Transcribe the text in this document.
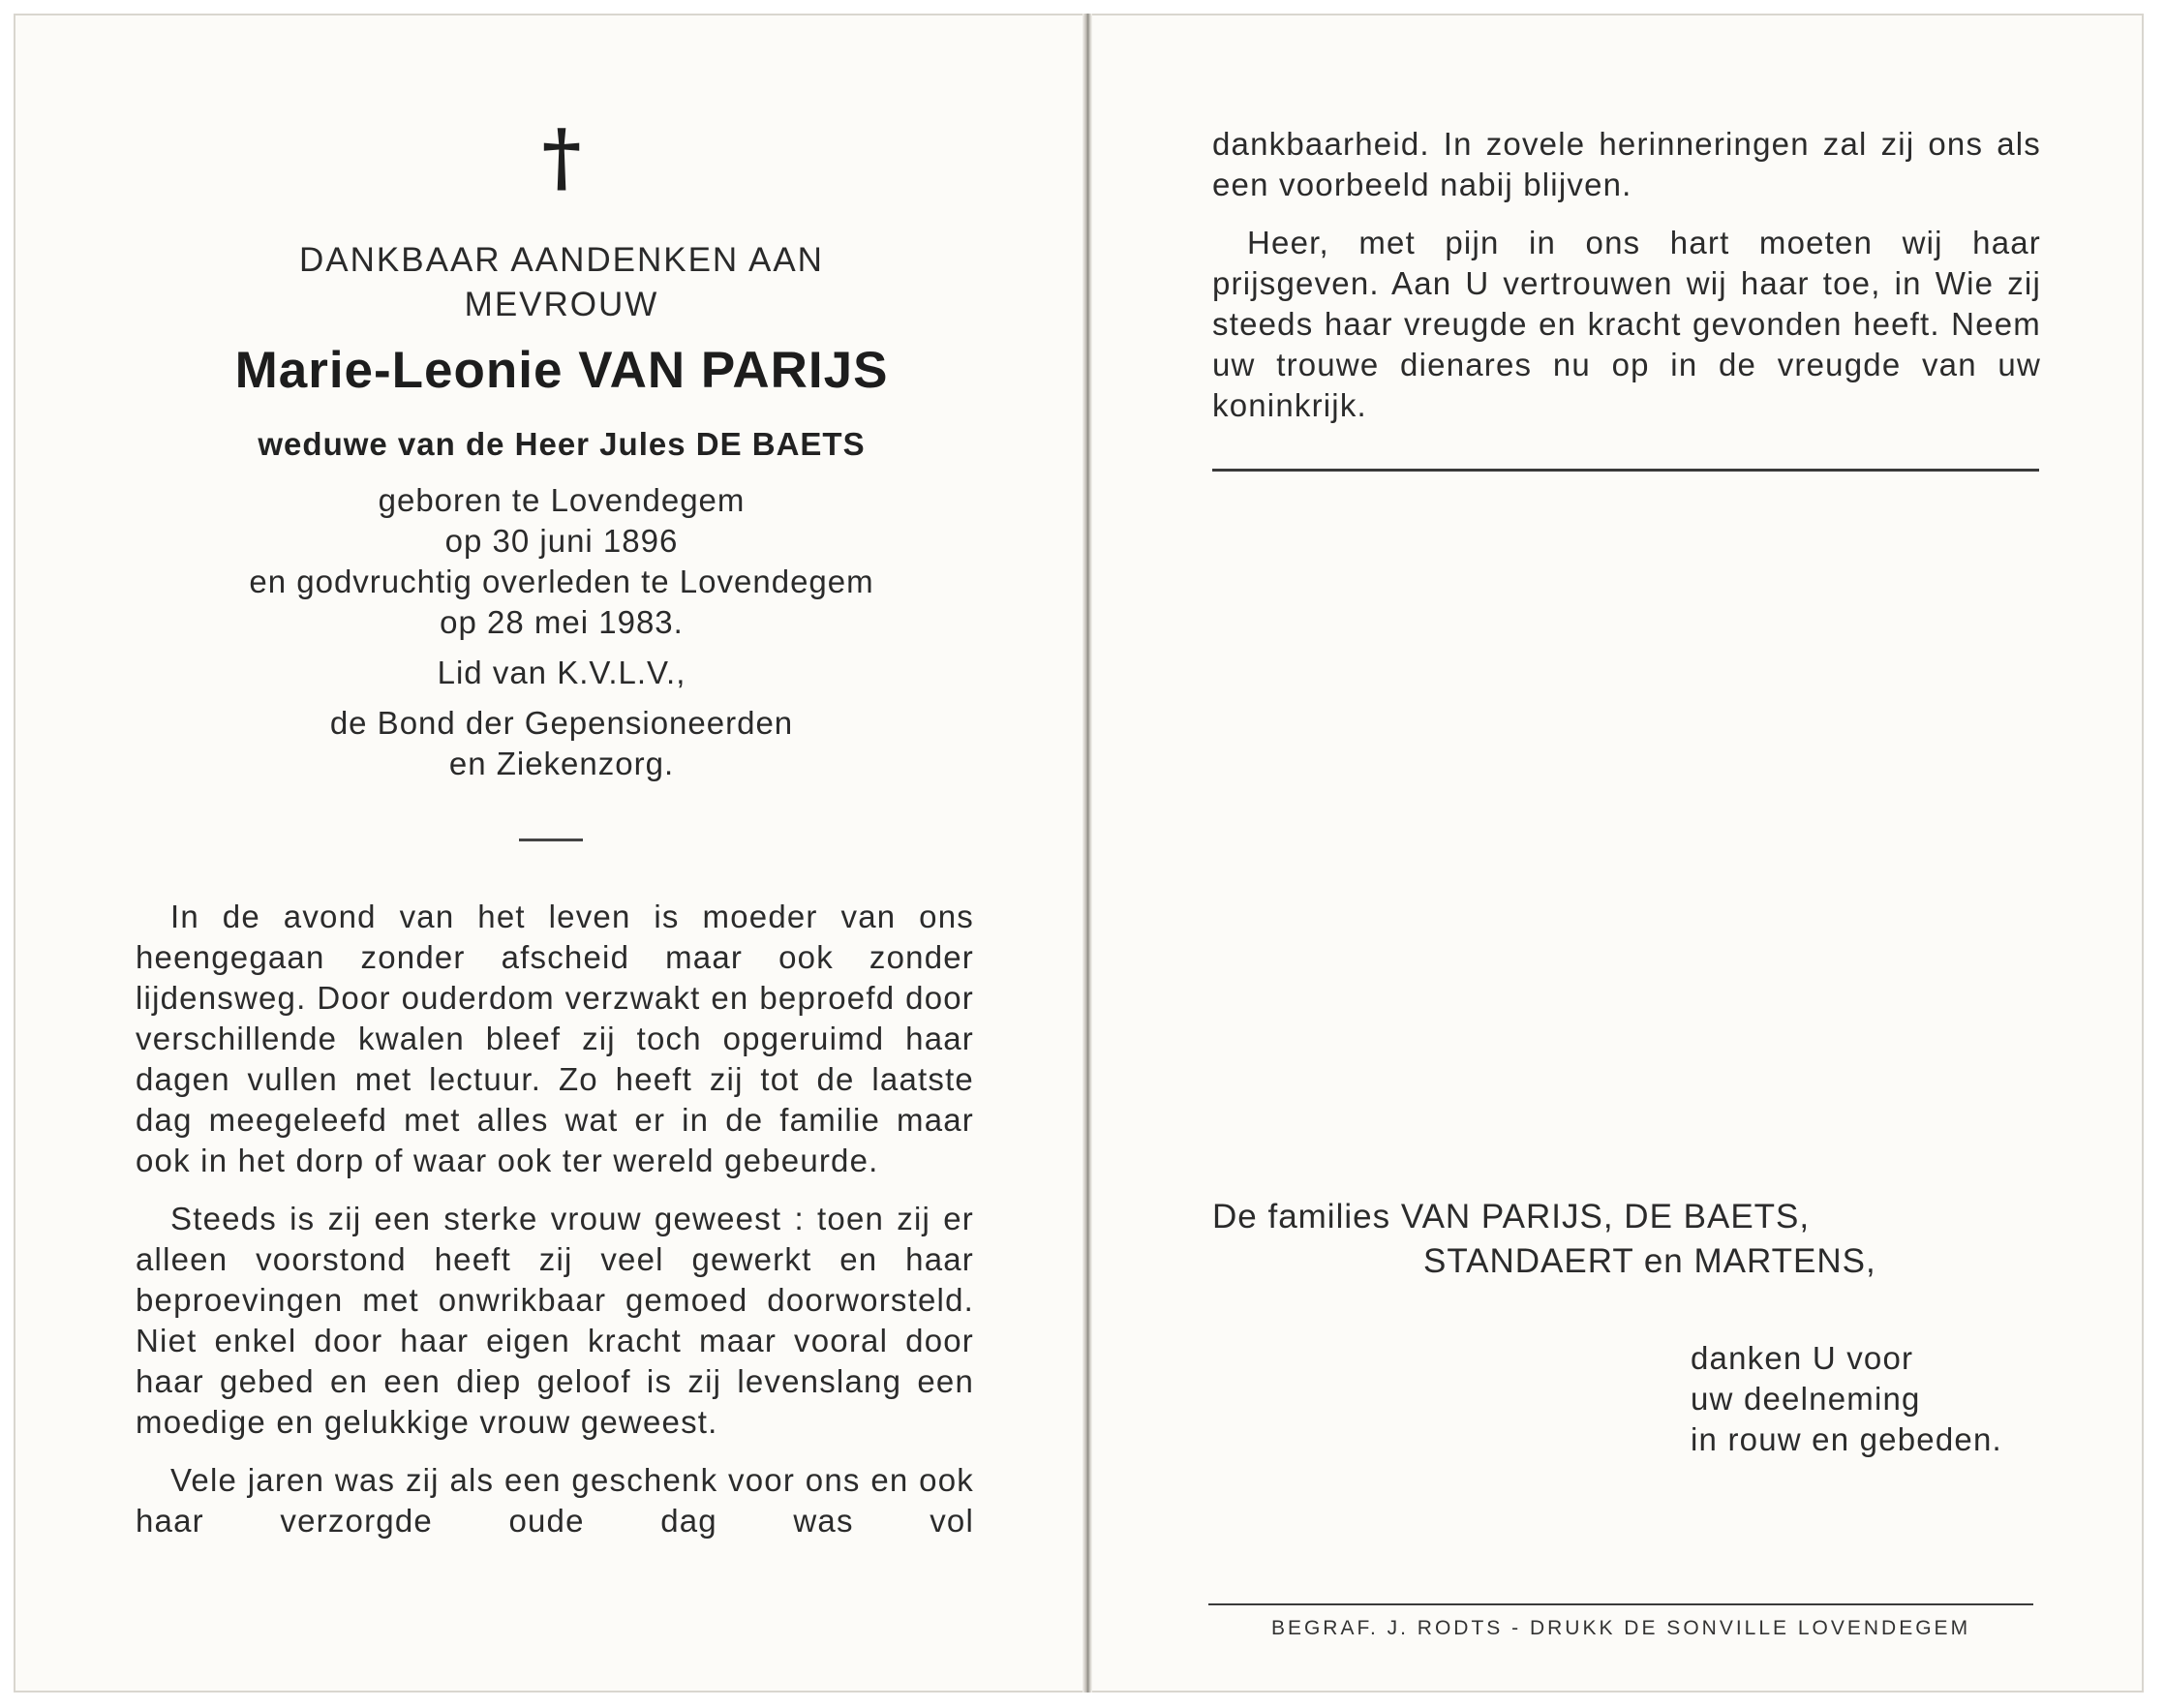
†
DANKBAAR AANDENKEN AAN
MEVROUW
Marie-Leonie VAN PARIJS
weduwe van de Heer Jules DE BAETS

geboren te Lovendegem

op 30 juni 1896

en godvruchtig overleden te Lovendegem

op 28 mei 1983.

Lid van K.V.L.V.,

de Bond der Gepensioneerden

en Ziekenzorg.

In de avond van het leven is moeder van ons heengegaan zonder afscheid maar ook zonder lijdensweg. Door ouderdom verzwakt en beproefd door verschillende kwalen bleef zij toch opgeruimd haar dagen vullen met lectuur. Zo heeft zij tot de laatste dag meegeleefd met alles wat er in de familie maar ook in het dorp of waar ook ter wereld gebeurde.

Steeds is zij een sterke vrouw geweest : toen zij er alleen voorstond heeft zij veel gewerkt en haar beproevingen met onwrikbaar gemoed doorworsteld. Niet enkel door haar eigen kracht maar vooral door haar gebed en een diep geloof is zij levenslang een moedige en gelukkige vrouw geweest.

Vele jaren was zij als een geschenk voor ons en ook haar verzorgde oude dag was vol

dankbaarheid. In zovele herinneringen zal zij ons als een voorbeeld nabij blijven.

Heer, met pijn in ons hart moeten wij haar prijsgeven. Aan U vertrouwen wij haar toe, in Wie zij steeds haar vreugde en kracht gevonden heeft. Neem uw trouwe dienares nu op in de vreugde van uw koninkrijk.

De families VAN PARIJS, DE BAETS,
STANDAERT en MARTENS,

danken U voor

uw deelneming

in rouw en gebeden.

BEGRAF. J. RODTS - DRUKK DE SONVILLE LOVENDEGEM
